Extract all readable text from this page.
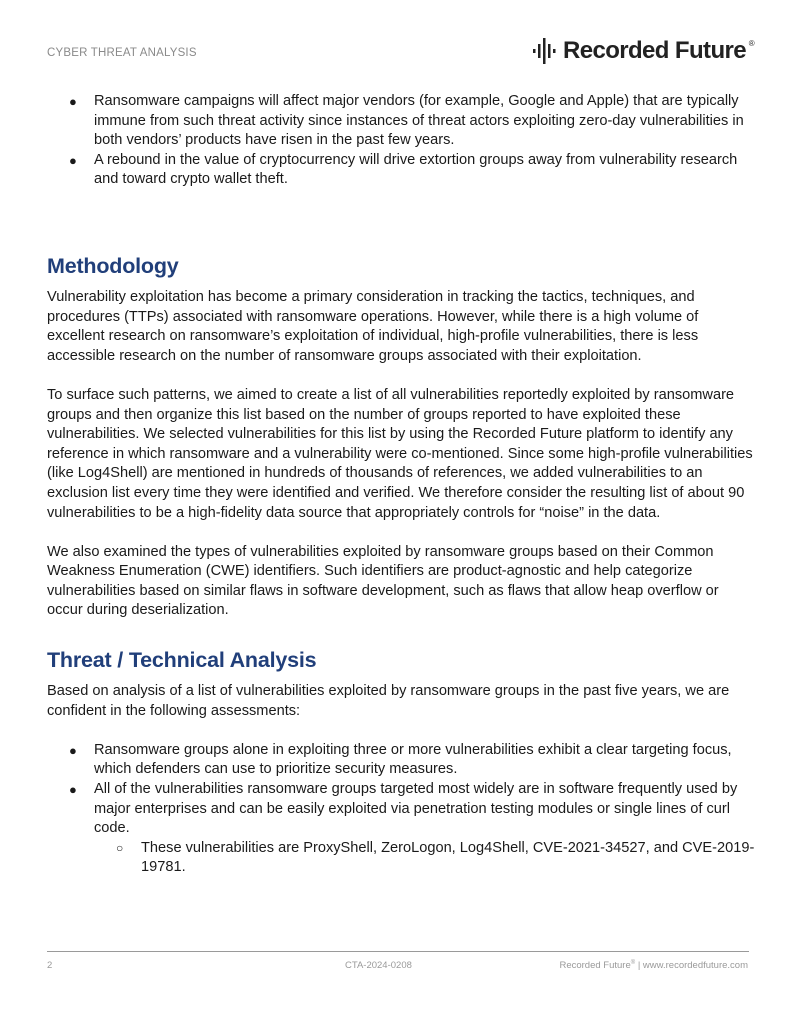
CYBER THREAT ANALYSIS	Recorded Future ®
● Ransomware campaigns will affect major vendors (for example, Google and Apple) that are typically immune from such threat activity since instances of threat actors exploiting zero-day vulnerabilities in both vendors’ products have risen in the past few years.
● A rebound in the value of cryptocurrency will drive extortion groups away from vulnerability research and toward crypto wallet theft.
Methodology

Vulnerability exploitation has become a primary consideration in tracking the tactics, techniques, and procedures (TTPs) associated with ransomware operations. However, while there is a high volume of excellent research on ransomware’s exploitation of individual, high-profile vulnerabilities, there is less accessible research on the number of ransomware groups associated with their exploitation.

To surface such patterns, we aimed to create a list of all vulnerabilities reportedly exploited by ransomware groups and then organize this list based on the number of groups reported to have exploited these vulnerabilities. We selected vulnerabilities for this list by using the Recorded Future platform to identify any reference in which ransomware and a vulnerability were co-mentioned. Since some high-profile vulnerabilities (like Log4Shell) are mentioned in hundreds of thousands of references, we added vulnerabilities to an exclusion list every time they were identified and verified. We therefore consider the resulting list of about 90 vulnerabilities to be a high-fidelity data source that appropriately controls for “noise” in the data.

We also examined the types of vulnerabilities exploited by ransomware groups based on their Common Weakness Enumeration (CWE) identifiers. Such identifiers are product-agnostic and help categorize vulnerabilities based on similar flaws in software development, such as flaws that allow heap overflow or occur during deserialization.

Threat / Technical Analysis

Based on analysis of a list of vulnerabilities exploited by ransomware groups in the past five years, we are confident in the following assessments:

● Ransomware groups alone in exploiting three or more vulnerabilities exhibit a clear targeting focus, which defenders can use to prioritize security measures.
● All of the vulnerabilities ransomware groups targeted most widely are in software frequently used by major enterprises and can be easily exploited via penetration testing modules or single lines of curl code.
○ These vulnerabilities are ProxyShell, ZeroLogon, Log4Shell, CVE-2021-34527, and CVE-2019-19781.
2	CTA-2024-0208	Recorded Future® | www.recordedfuture.com
